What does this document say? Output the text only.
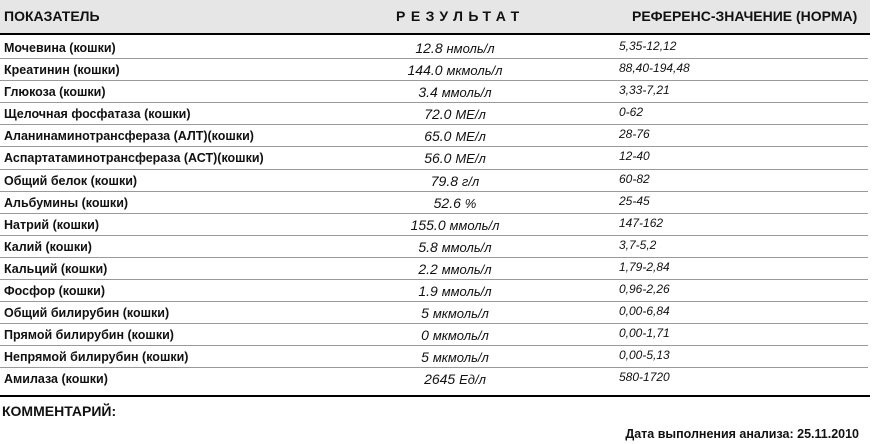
ПОКАЗАТЕЛЬ	РЕЗУЛЬТАТ	РЕФЕРЕНС-ЗНАЧЕНИЕ (НОРМА)
Мочевина (кошки)	12.8 нмоль/л	5,35-12,12
Креатинин (кошки)	144.0 мкмоль/л	88,40-194,48
Глюкоза (кошки)	3.4 ммоль/л	3,33-7,21
Щелочная фосфатаза (кошки)	72.0 МЕ/л	0-62
Аланинаминотрансфераза (АЛТ)(кошки)	65.0 МЕ/л	28-76
Аспартатаминотрансфераза (АСТ)(кошки)	56.0 МЕ/л	12-40
Общий белок (кошки)	79.8 г/л	60-82
Альбумины (кошки)	52.6 %	25-45
Натрий (кошки)	155.0 ммоль/л	147-162
Калий (кошки)	5.8 ммоль/л	3,7-5,2
Кальций (кошки)	2.2 ммоль/л	1,79-2,84
Фосфор (кошки)	1.9 ммоль/л	0,96-2,26
Общий билирубин (кошки)	5 мкмоль/л	0,00-6,84
Прямой билирубин (кошки)	0 мкмоль/л	0,00-1,71
Непрямой билирубин (кошки)	5 мкмоль/л	0,00-5,13
Амилаза (кошки)	2645 Ед/л	580-1720
КОММЕНТАРИЙ:
Дата выполнения анализа: 25.11.2010
